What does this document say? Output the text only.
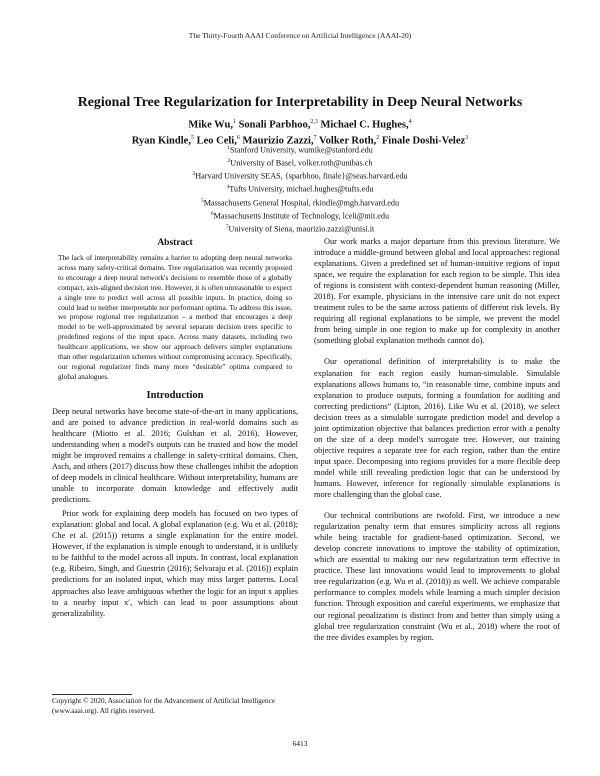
The Thirty-Fourth AAAI Conference on Artificial Intelligence (AAAI-20)
Regional Tree Regularization for Interpretability in Deep Neural Networks
Mike Wu,$^1$ Sonali Parbhoo,$^{2,3}$ Michael C. Hughes,$^4$
Ryan Kindle,$^5$ Leo Celi,$^6$ Maurizio Zazzi,$^7$ Volker Roth,$^2$ Finale Doshi-Velez$^3$
$^1$Stanford University, wumike@stanford.edu
$^2$University of Basel, volker.roth@unibas.ch
$^3$Harvard University SEAS, {sparbhoo, finale}@seas.harvard.edu
$^4$Tufts University, michael.hughes@tufts.edu
$^5$Massachusetts General Hospital, rkindle@mgh.harvard.edu
$^6$Massachusetts Institute of Technology, lceli@mit.edu
$^7$University of Siena, maurizio.zazzi@unisi.it
Abstract

The lack of interpretability remains a barrier to adopting deep neural networks across many safety-critical domains. Tree regularization was recently proposed to encourage a deep neural network's decisions to resemble those of a globally compact, axis-aligned decision tree. However, it is often unreasonable to expect a single tree to predict well across all possible inputs. In practice, doing so could lead to neither interpretable nor performant optima. To address this issue, we propose regional tree regularization – a method that encourages a deep model to be well-approximated by several separate decision trees specific to predefined regions of the input space. Across many datasets, including two healthcare applications, we show our approach delivers simpler explanations than other regularization schemes without compromising accuracy. Specifically, our regional regularizer finds many more “desirable” optima compared to global analogues.

Introduction

Deep neural networks have become state-of-the-art in many applications, and are poised to advance prediction in real-world domains such as healthcare (Miotto et al. 2016; Gulshan et al. 2016). However, understanding when a model's outputs can be trusted and how the model might be improved remains a challenge in safety-critical domains. Chen, Asch, and others (2017) discuss how these challenges inhibit the adoption of deep models in clinical healthcare. Without interpretability, humans are unable to incorporate domain knowledge and effectively audit predictions.

Prior work for explaining deep models has focused on two types of explanation: global and local. A global explanation (e.g. Wu et al. (2018); Che et al. (2015)) returns a single explanation for the entire model. However, if the explanation is simple enough to understand, it is unlikely to be faithful to the model across all inputs. In contrast, local explanation (e.g. Ribeiro, Singh, and Guestrin (2016); Selvaraju et al. (2016)) explain predictions for an isolated input, which may miss larger patterns. Local approaches also leave ambiguous whether the logic for an input x applies to a nearby input x′, which can lead to poor assumptions about generalizability.

Our work marks a major departure from this previous literature. We introduce a middle-ground between global and local approaches: regional explanations. Given a predefined set of human-intuitive regions of input space, we require the explanation for each region to be simple. This idea of regions is consistent with context-dependent human reasoning (Miller, 2018). For example, physicians in the intensive care unit do not expect treatment rules to be the same across patients of different risk levels. By requiring all regional explanations to be simple, we prevent the model from being simple in one region to make up for complexity in another (something global explanation methods cannot do).

Our operational definition of interpretability is to make the explanation for each region easily human-simulable. Simulable explanations allows humans to, “in reasonable time, combine inputs and explanation to produce outputs, forming a foundation for auditing and correcting predictions” (Lipton, 2016). Like Wu et al. (2018), we select decision trees as a simulable surrogate prediction model and develop a joint optimization objective that balances prediction error with a penalty on the size of a deep model's surrogate tree. However, our training objective requires a separate tree for each region, rather than the entire input space. Decomposing into regions provides for a more flexible deep model while still revealing prediction logic that can be understood by humans. However, inference for regionally simulable explanations is more challenging than the global case.

Our technical contributions are twofold. First, we introduce a new regularization penalty term that ensures simplicity across all regions while being tractable for gradient-based optimization. Second, we develop concrete innovations to improve the stability of optimization, which are essential to making our new regularization term effective in practice. These last innovations would lead to improvements to global tree regularization (e.g. Wu et al. (2018)) as well. We achieve comparable performance to complex models while learning a much simpler decision function. Through exposition and careful experiments, we emphasize that our regional penalization is distinct from and better than simply using a global tree regularization constraint (Wu et al., 2018) where the root of the tree divides examples by region.

Copyright © 2020, Association for the Advancement of Artificial Intelligence (www.aaai.org). All rights reserved.
6413
